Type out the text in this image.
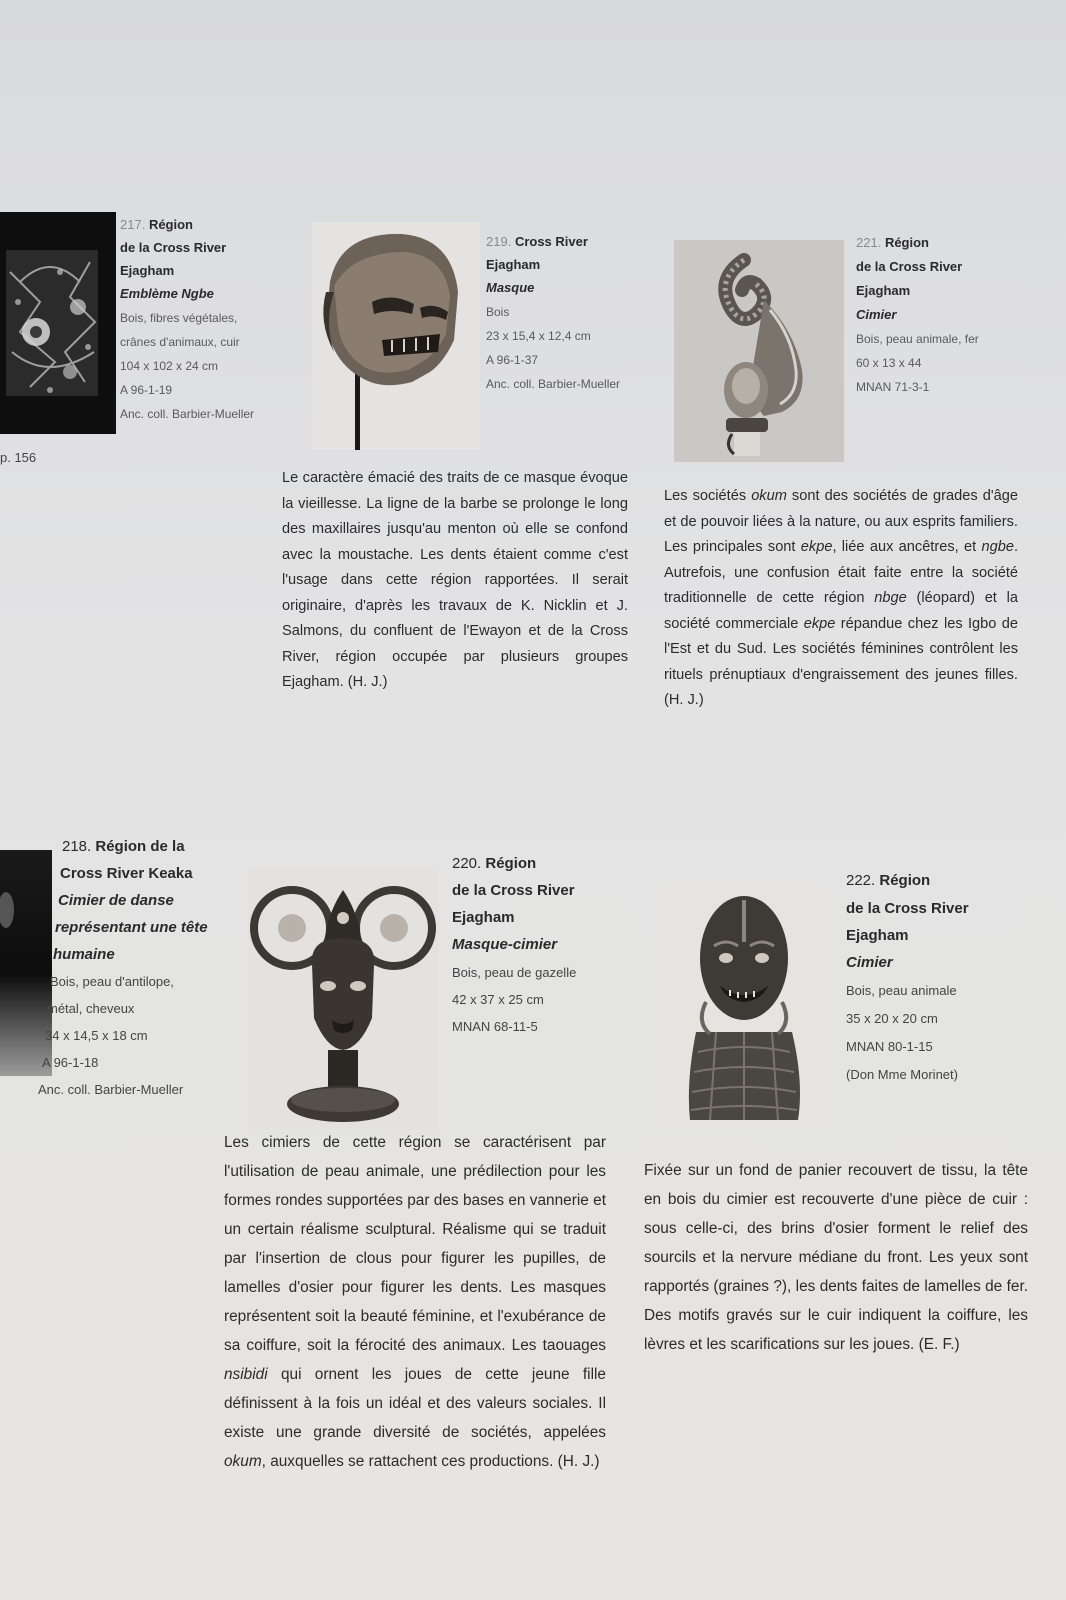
217. Région
de la Cross River
Ejagham
Emblème Ngbe
Bois, fibres végétales,
crânes d'animaux, cuir
104 x 102 x 24 cm
A 96-1-19
Anc. coll. Barbier-Mueller
p. 156
219. Cross River
Ejagham
Masque
Bois
23 x 15,4 x 12,4 cm
A 96-1-37
Anc. coll. Barbier-Mueller

Le caractère émacié des traits de ce masque évoque la vieillesse. La ligne de la barbe se prolonge le long des maxillaires jusqu'au menton où elle se confond avec la moustache. Les dents étaient comme c'est l'usage dans cette région rapportées. Il serait originaire, d'après les travaux de K. Nicklin et J. Salmons, du confluent de l'Ewayon et de la Cross River, région occupée par plusieurs groupes Ejagham. (H. J.)

221. Région
de la Cross River
Ejagham
Cimier
Bois, peau animale, fer
60 x 13 x 44
MNAN 71-3-1

Les sociétés okum sont des sociétés de grades d'âge et de pouvoir liées à la nature, ou aux esprits familiers. Les principales sont ekpe, liée aux ancêtres, et ngbe. Autrefois, une confusion était faite entre la société traditionnelle de cette région nbge (léopard) et la société commerciale ekpe répandue chez les Igbo de l'Est et du Sud. Les sociétés féminines contrôlent les rituels prénuptiaux d'engraissement des jeunes filles. (H. J.)

218. Région de la
Cross River Keaka
Cimier de danse
représentant une tête
humaine
Bois, peau d'antilope,
métal, cheveux
34 x 14,5 x 18 cm
A 96-1-18
Anc. coll. Barbier-Mueller
220. Région
de la Cross River
Ejagham
Masque-cimier
Bois, peau de gazelle
42 x 37 x 25 cm
MNAN 68-11-5

Les cimiers de cette région se caractérisent par l'utilisation de peau animale, une prédilection pour les formes rondes supportées par des bases en vannerie et un certain réalisme sculptural. Réalisme qui se traduit par l'insertion de clous pour figurer les pupilles, de lamelles d'osier pour figurer les dents. Les masques représentent soit la beauté féminine, et l'exubérance de sa coiffure, soit la férocité des animaux. Les taouages nsibidi qui ornent les joues de cette jeune fille définissent à la fois un idéal et des valeurs sociales. Il existe une grande diversité de sociétés, appelées okum, auxquelles se rattachent ces productions. (H. J.)

222. Région
de la Cross River
Ejagham
Cimier
Bois, peau animale
35 x 20 x 20 cm
MNAN 80-1-15
(Don Mme Morinet)

Fixée sur un fond de panier recouvert de tissu, la tête en bois du cimier est recouverte d'une pièce de cuir : sous celle-ci, des brins d'osier forment le relief des sourcils et la nervure médiane du front. Les yeux sont rapportés (graines ?), les dents faites de lamelles de fer. Des motifs gravés sur le cuir indiquent la coiffure, les lèvres et les scarifications sur les joues. (E. F.)
